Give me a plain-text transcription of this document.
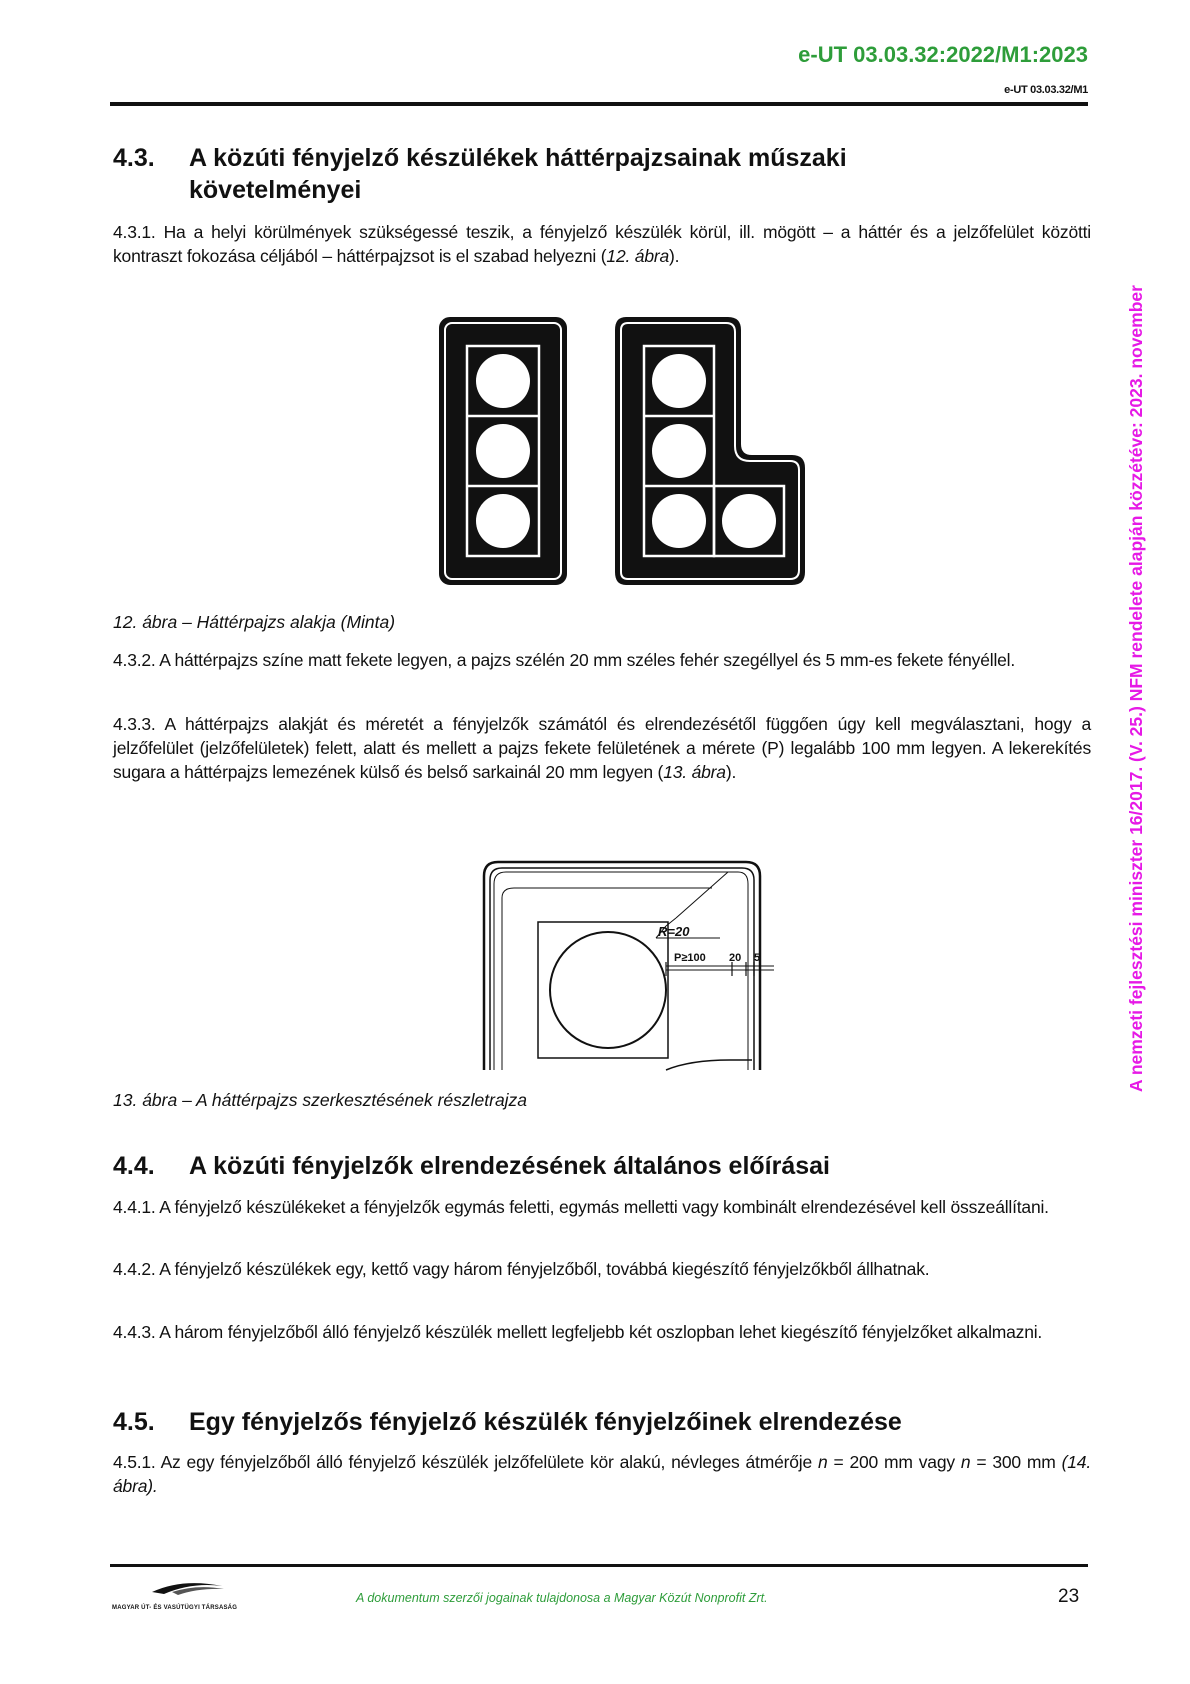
e-UT 03.03.32:2022/M1:2023
e-UT 03.03.32/M1
4.3. A közúti fényjelző készülékek háttérpajzsainak műszaki
követelményei
4.3.1. Ha a helyi körülmények szükségessé teszik, a fényjelző készülék körül, ill. mögött – a háttér és a jelzőfelület közötti kontraszt fokozása céljából – háttérpajzsot is el szabad helyezni (12. ábra).
12. ábra – Háttérpajzs alakja (Minta)
4.3.2. A háttérpajzs színe matt fekete legyen, a pajzs szélén 20 mm széles fehér szegéllyel és 5 mm-es fekete fényéllel.
4.3.3. A háttérpajzs alakját és méretét a fényjelzők számától és elrendezésétől függően úgy kell megválasztani, hogy a jelzőfelület (jelzőfelületek) felett, alatt és mellett a pajzs fekete felületének a mérete (P) legalább 100 mm legyen. A lekerekítés sugara a háttérpajzs lemezének külső és belső sarkainál 20 mm legyen (13. ábra).
R=20
P≥100 20 5
13. ábra – A háttérpajzs szerkesztésének részletrajza
4.4. A közúti fényjelzők elrendezésének általános előírásai
4.4.1. A fényjelző készülékeket a fényjelzők egymás feletti, egymás melletti vagy kombinált elrendezésével kell összeállítani.
4.4.2. A fényjelző készülékek egy, kettő vagy három fényjelzőből, továbbá kiegészítő fényjelzőkből állhatnak.
4.4.3. A három fényjelzőből álló fényjelző készülék mellett legfeljebb két oszlopban lehet kiegészítő fényjelzőket alkalmazni.
4.5. Egy fényjelzős fényjelző készülék fényjelzőinek elrendezése
4.5.1. Az egy fényjelzőből álló fényjelző készülék jelzőfelülete kör alakú, névleges átmérője n = 200 mm vagy n = 300 mm (14. ábra).
A nemzeti fejlesztési miniszter 16/2017. (V. 25.) NFM rendelete alapján közzétéve: 2023. november
MAGYAR ÚT- ÉS VASÚTÜGYI TÁRSASÁG
A dokumentum szerzői jogainak tulajdonosa a Magyar Közút Nonprofit Zrt.	23
